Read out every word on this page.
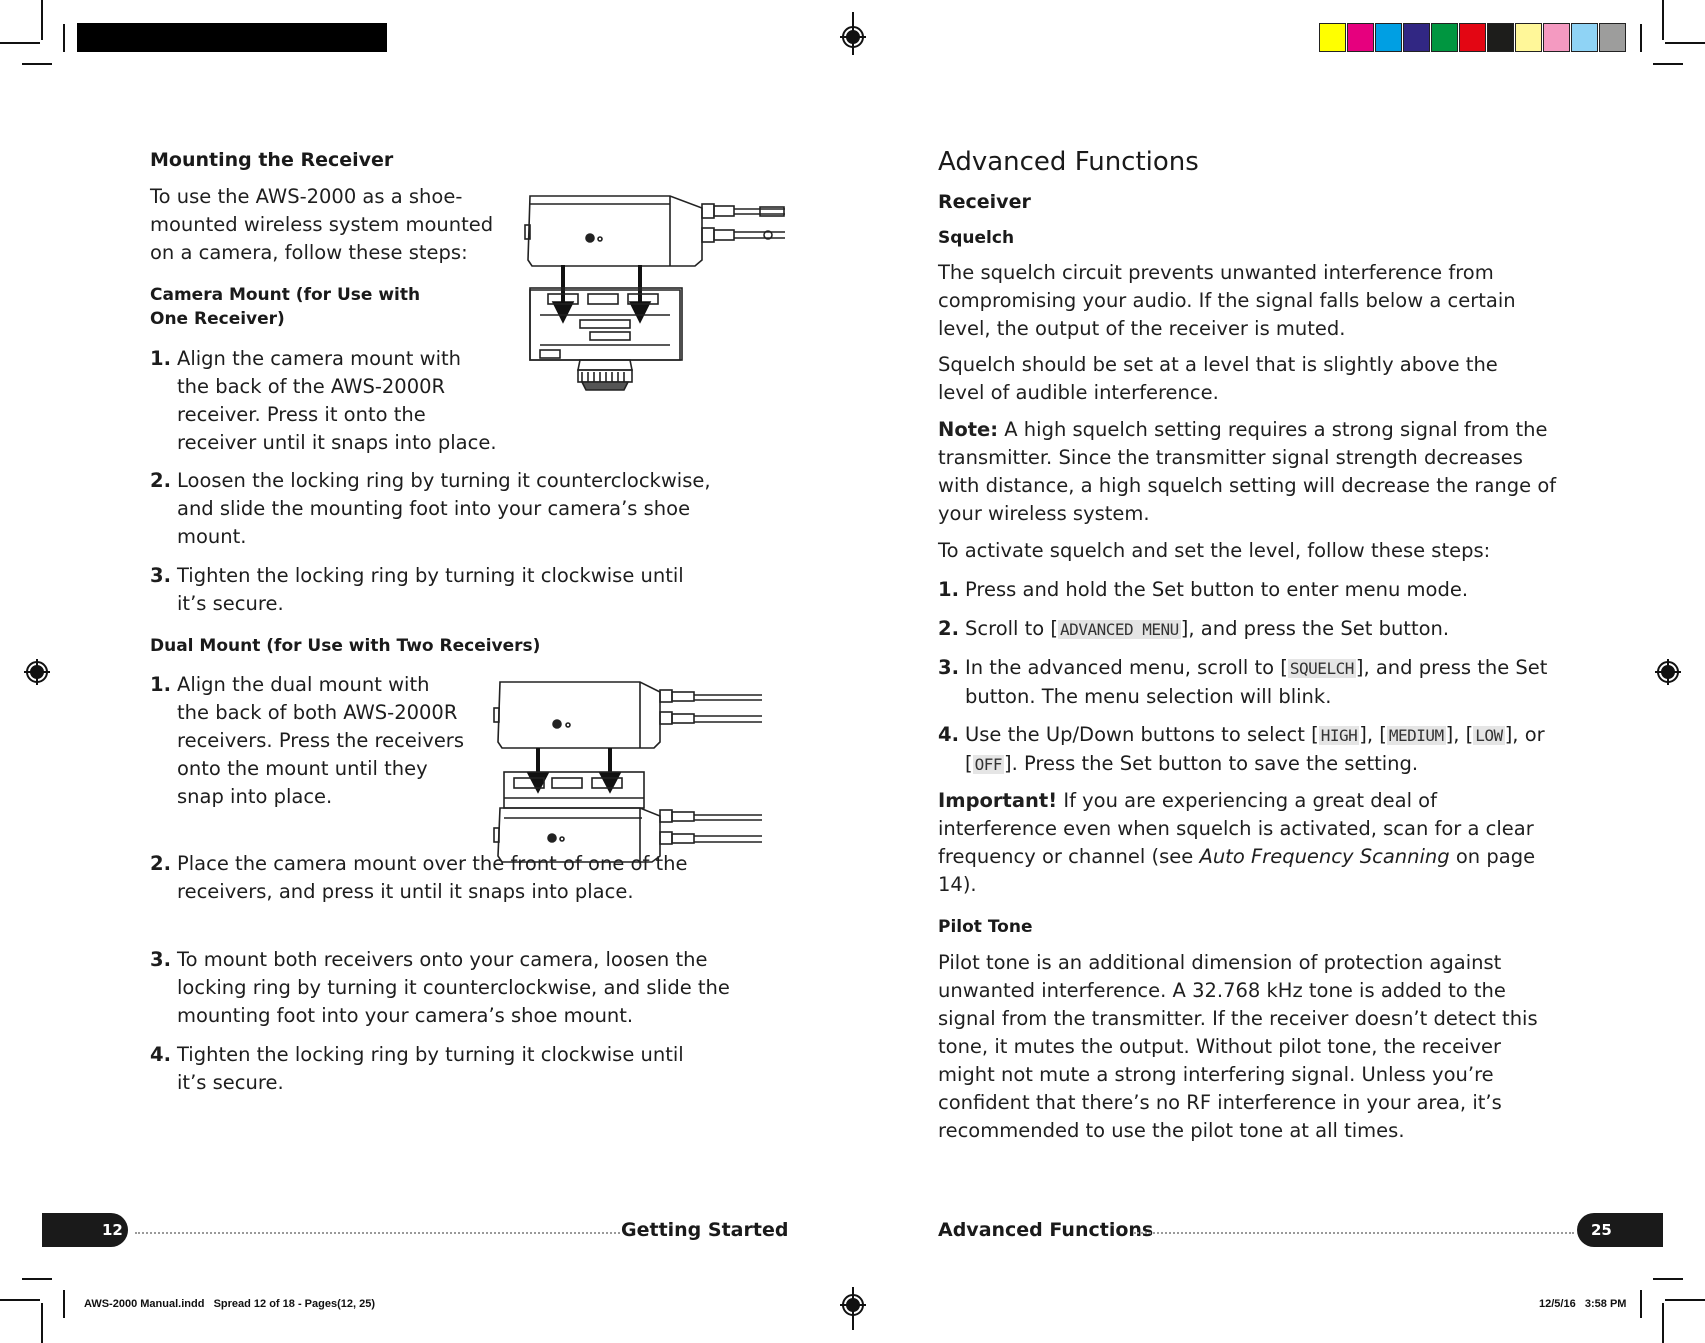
Mounting the Receiver
To use the AWS-2000 as a shoe-mounted wireless system mounted on a camera, follow these steps:
Camera Mount (for Use with
One Receiver)
1. Align the camera mount with the back of the AWS-2000R receiver. Press it onto the receiver until it snaps into place.
2. Loosen the locking ring by turning it counterclockwise, and slide the mounting foot into your camera’s shoe mount.
3. Tighten the locking ring by turning it clockwise until it’s secure.
Dual Mount (for Use with Two Receivers)
1. Align the dual mount with the back of both AWS-2000R receivers. Press the receivers onto the mount until they snap into place.
2. Place the camera mount over the front of one of the receivers, and press it until it snaps into place.
3. To mount both receivers onto your camera, loosen the locking ring by turning it counterclockwise, and slide the mounting foot into your camera’s shoe mount.
4. Tighten the locking ring by turning it clockwise until it’s secure.
12	Getting Started
Advanced Functions
Receiver
Squelch
The squelch circuit prevents unwanted interference from compromising your audio. If the signal falls below a certain level, the output of the receiver is muted.
Squelch should be set at a level that is slightly above the level of audible interference.
Note: A high squelch setting requires a strong signal from the transmitter. Since the transmitter signal strength decreases with distance, a high squelch setting will decrease the range of your wireless system.
To activate squelch and set the level, follow these steps:
1. Press and hold the Set button to enter menu mode.
2. Scroll to [ ADVANCED MENU ], and press the Set button.
3. In the advanced menu, scroll to [ SQUELCH ], and press the Set button. The menu selection will blink.
4. Use the Up/Down buttons to select [ HIGH ], [ MEDIUM ], [ LOW ], or [ OFF ]. Press the Set button to save the setting.
Important! If you are experiencing a great deal of interference even when squelch is activated, scan for a clear frequency or channel (see Auto Frequency Scanning on page 14).
Pilot Tone
Pilot tone is an additional dimension of protection against unwanted interference. A 32.768 kHz tone is added to the signal from the transmitter. If the receiver doesn’t detect this tone, it mutes the output. Without pilot tone, the receiver might not mute a strong interfering signal. Unless you’re confident that there’s no RF interference in your area, it’s recommended to use the pilot tone at all times.
Advanced Functions	25
AWS-2000 Manual.indd   Spread 12 of 18 - Pages(12, 25)	12/5/16   3:58 PM
